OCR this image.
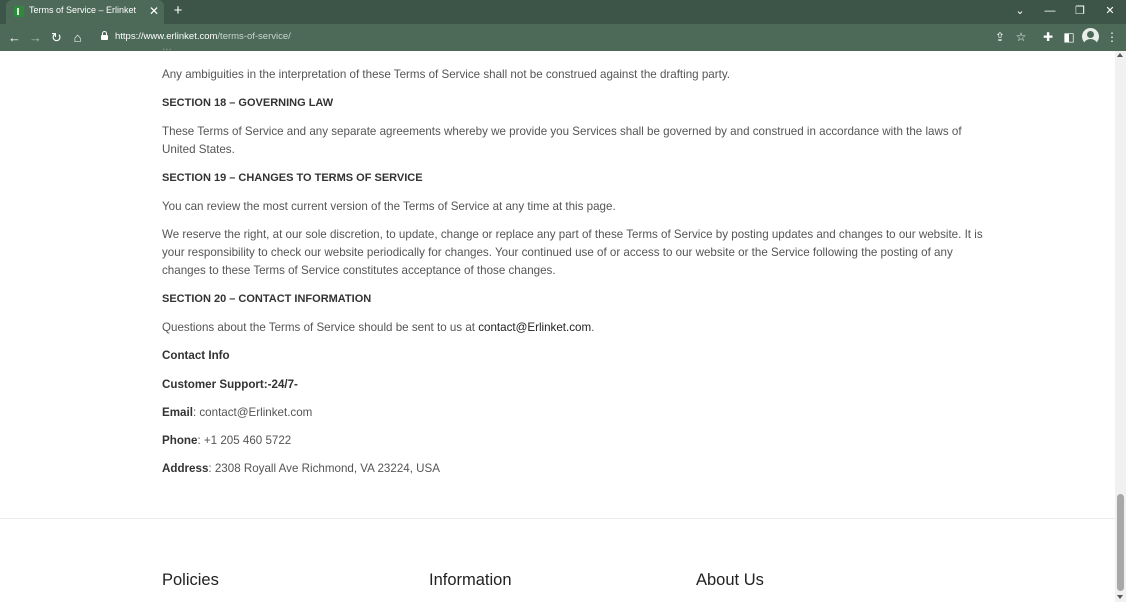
Terms of Service – Erlinket ✕ +	⌄	—	❐	✕
← → ↻ ⌂	https://www.erlinket.com/terms-of-service/	⇪ ☆	✚ ◧	⋮
...
Any ambiguities in the interpretation of these Terms of Service shall not be construed against the drafting party.
SECTION 18 – GOVERNING LAW
These Terms of Service and any separate agreements whereby we provide you Services shall be governed by and construed in accordance with the laws of
United States.
SECTION 19 – CHANGES TO TERMS OF SERVICE
You can review the most current version of the Terms of Service at any time at this page.
We reserve the right, at our sole discretion, to update, change or replace any part of these Terms of Service by posting updates and changes to our website. It is
your responsibility to check our website periodically for changes. Your continued use of or access to our website or the Service following the posting of any
changes to these Terms of Service constitutes acceptance of those changes.
SECTION 20 – CONTACT INFORMATION
Questions about the Terms of Service should be sent to us at contact@Erlinket.com.
Contact Info
Customer Support:-24/7-
Email: contact@Erlinket.com
Phone: +1 205 460 5722
Address: 2308 Royall Ave Richmond, VA 23224, USA
Policies	Information	About Us
